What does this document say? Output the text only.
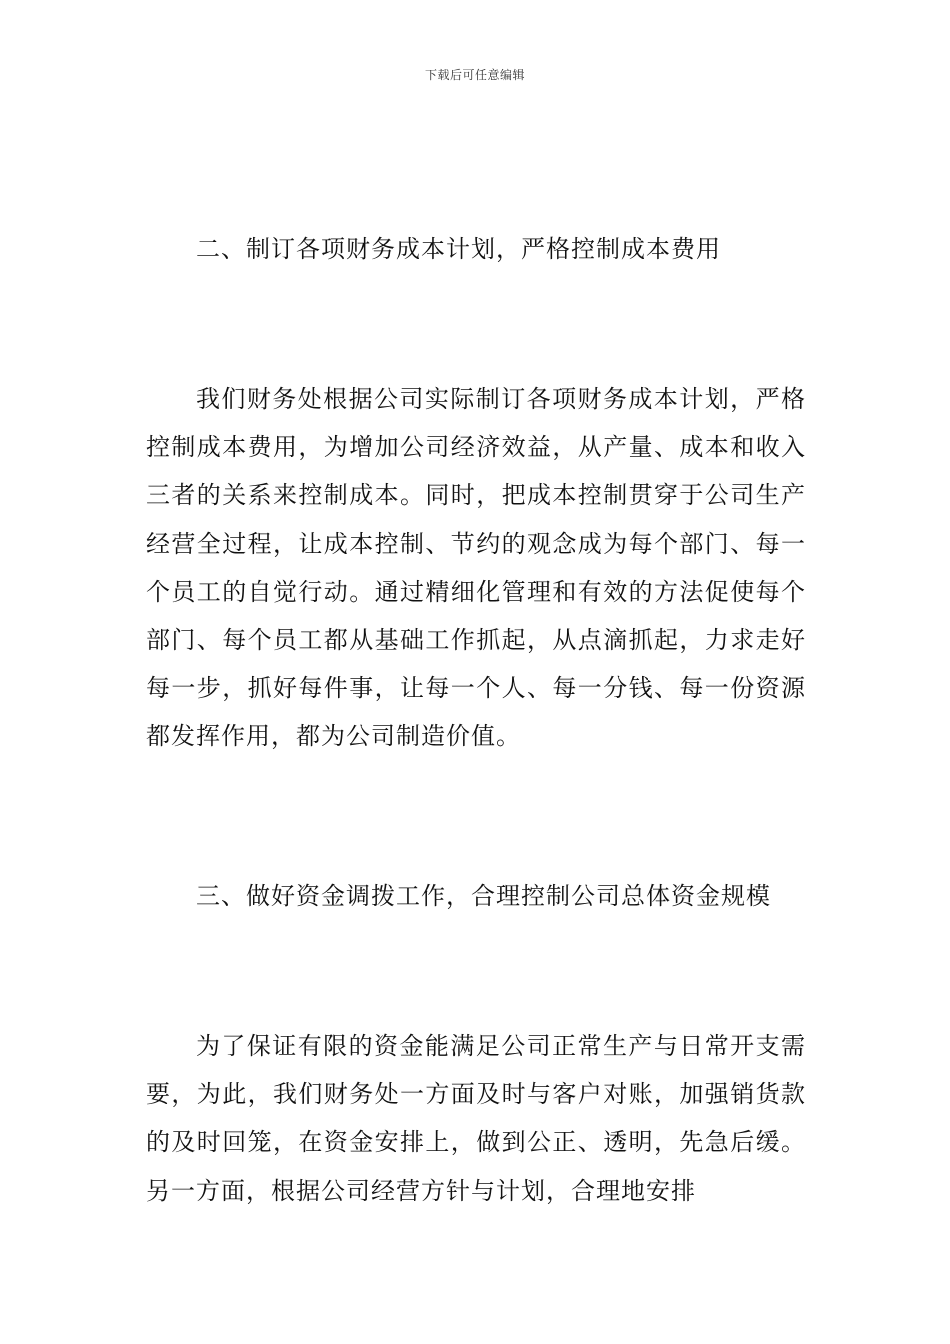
下载后可任意编辑
二、制订各项财务成本计划，严格控制成本费用
我们财务处根据公司实际制订各项财务成本计划，严格控制成本费用，为增加公司经济效益，从产量、成本和收入三者的关系来控制成本。同时，把成本控制贯穿于公司生产经营全过程，让成本控制、节约的观念成为每个部门、每一个员工的自觉行动。通过精细化管理和有效的方法促使每个部门、每个员工都从基础工作抓起，从点滴抓起，力求走好每一步，抓好每件事，让每一个人、每一分钱、每一份资源都发挥作用，都为公司制造价值。
三、做好资金调拨工作，合理控制公司总体资金规模
为了保证有限的资金能满足公司正常生产与日常开支需要，为此，我们财务处一方面及时与客户对账，加强销货款的及时回笼，在资金安排上，做到公正、透明，先急后缓。另一方面，根据公司经营方针与计划，合理地安排
